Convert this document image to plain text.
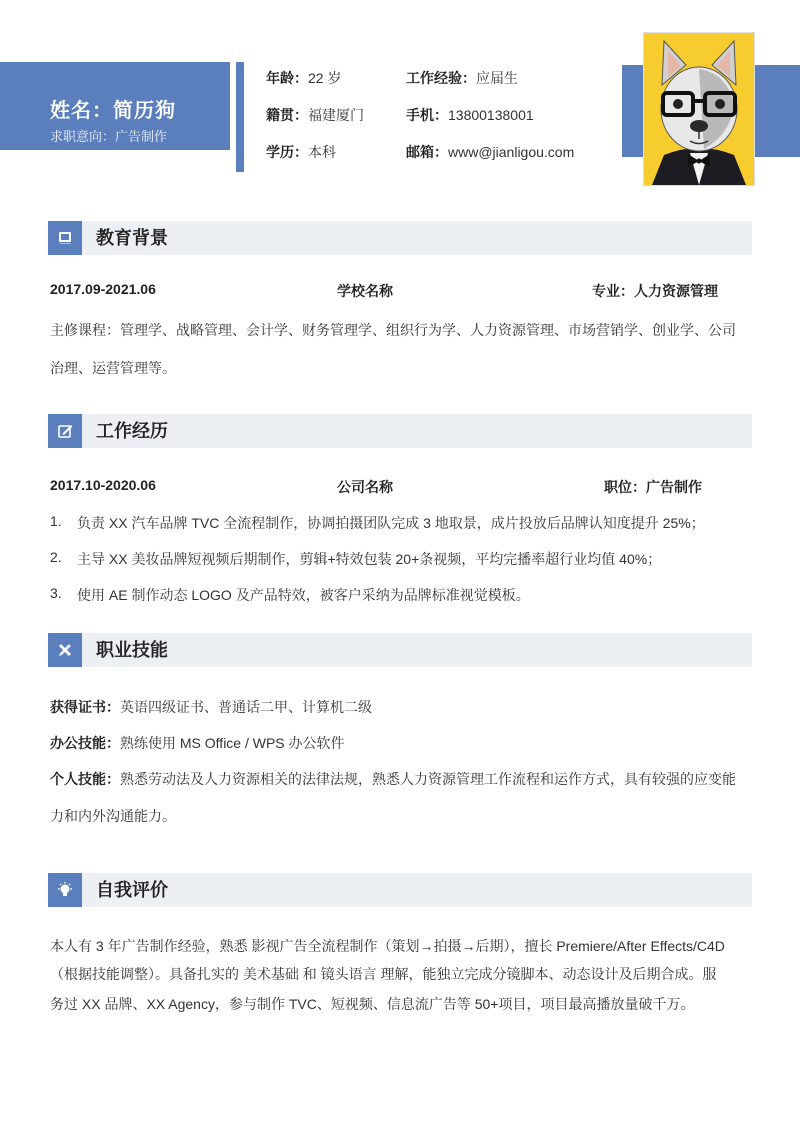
姓名：简历狗
求职意向：广告制作
年龄：22 岁	工作经验：应届生
籍贯：福建厦门	手机：13800138001
学历：本科	邮箱：www@jianligou.com
教育背景
2017.09-2021.06	学校名称	专业：人力资源管理
主修课程：管理学、战略管理、会计学、财务管理学、组织行为学、人力资源管理、市场营销学、创业学、公司
治理、运营管理等。
工作经历
2017.10-2020.06	公司名称	职位：广告制作
1. 负责 XX 汽车品牌 TVC 全流程制作，协调拍摄团队完成 3 地取景，成片投放后品牌认知度提升 25%；
2. 主导 XX 美妆品牌短视频后期制作，剪辑+特效包装 20+条视频，平均完播率超行业均值 40%；
3. 使用 AE 制作动态 LOGO 及产品特效，被客户采纳为品牌标准视觉模板。
职业技能
获得证书：英语四级证书、普通话二甲、计算机二级
办公技能：熟练使用 MS Office / WPS 办公软件
个人技能：熟悉劳动法及人力资源相关的法律法规，熟悉人力资源管理工作流程和运作方式，具有较强的应变能
力和内外沟通能力。
自我评价
本人有 3 年广告制作经验，熟悉 影视广告全流程制作（策划→拍摄→后期），擅长 Premiere/After Effects/C4D
（根据技能调整）。具备扎实的 美术基础 和 镜头语言 理解，能独立完成分镜脚本、动态设计及后期合成。服
务过 XX 品牌、XX Agency，参与制作 TVC、短视频、信息流广告等 50+项目，项目最高播放量破千万。
